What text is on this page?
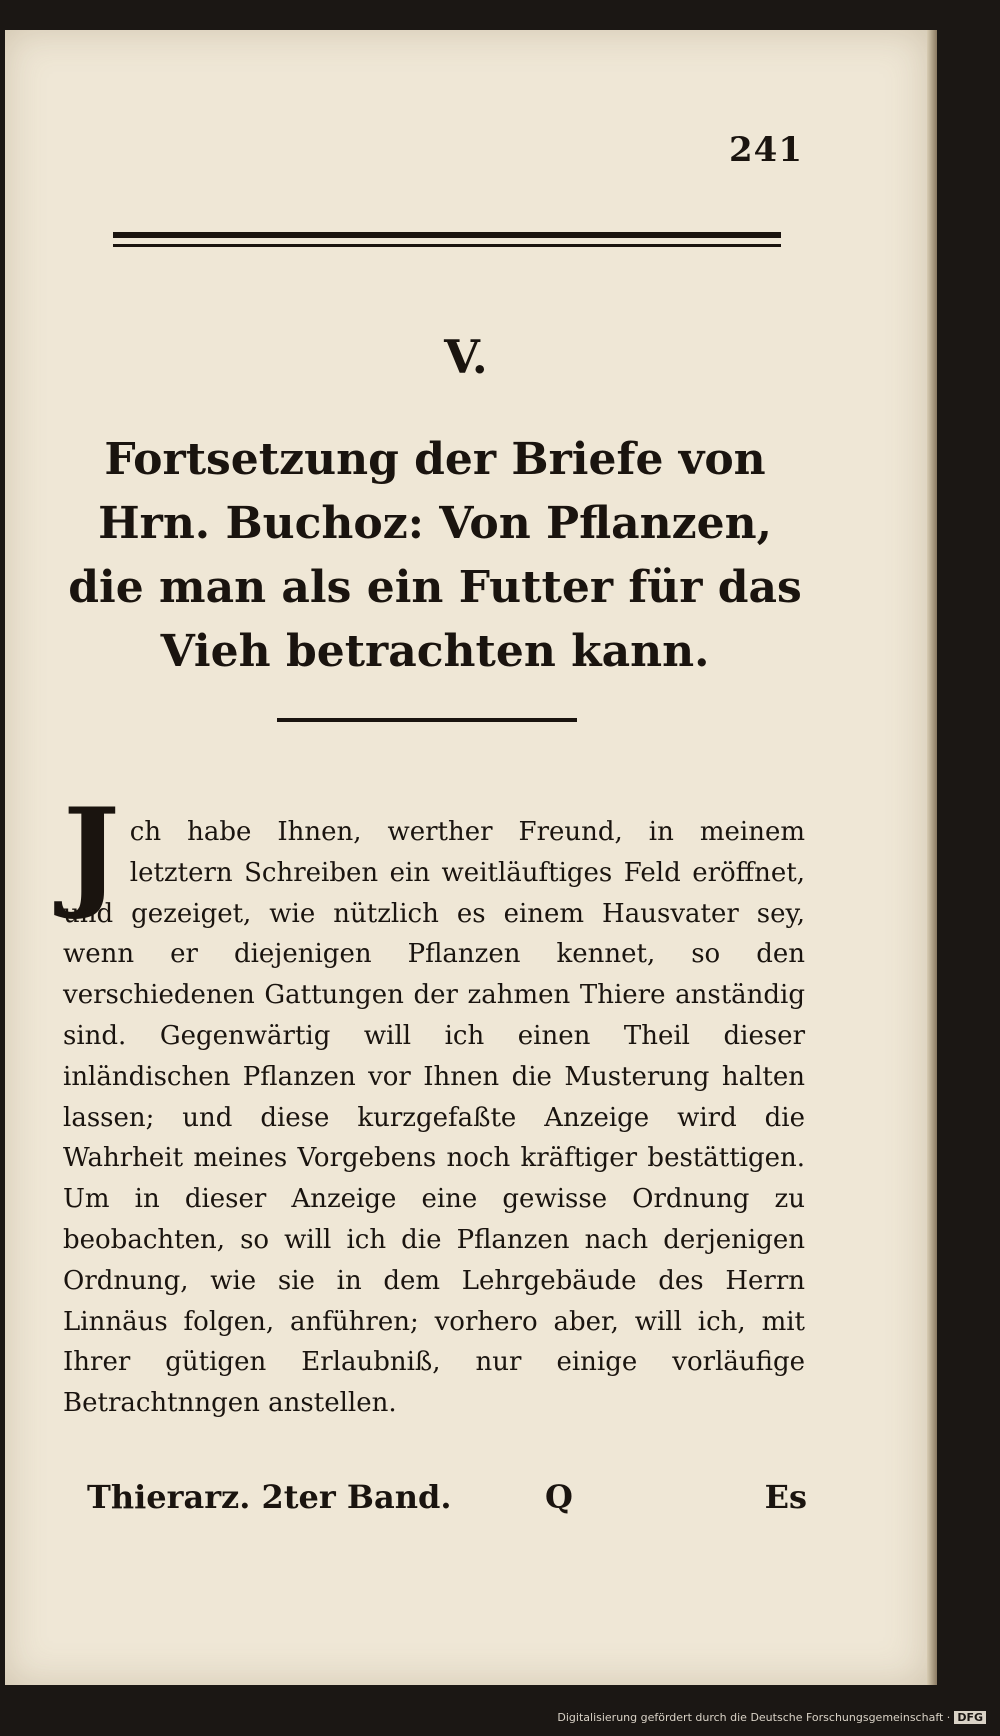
241
V.
Fortsetzung der Briefe von Hrn. Buchoz: Von Pflanzen, die man als ein Futter für das Vieh betrachten kann.
J ch habe Ihnen, werther Freund, in meinem letztern Schreiben ein weitläuftiges Feld eröffnet, und gezeiget, wie nützlich es einem Hausvater sey, wenn er diejenigen Pflanzen kennet, so den verschiedenen Gattungen der zahmen Thiere anständig sind. Gegenwärtig will ich einen Theil dieser inländischen Pflanzen vor Ihnen die Musterung halten lassen; und diese kurzgefaßte Anzeige wird die Wahrheit meines Vorgebens noch kräftiger bestättigen. Um in dieser Anzeige eine gewisse Ordnung zu beobachten, so will ich die Pflanzen nach derjenigen Ordnung, wie sie in dem Lehrgebäude des Herrn Linnäus folgen, anführen; vorhero aber, will ich, mit Ihrer gütigen Erlaubniß, nur einige vorläufige Betrachtnngen anstellen.
Thierarz. 2ter Band.	Q	Es
Digitalisierung gefördert durch die Deutsche Forschungsgemeinschaft · DFG
